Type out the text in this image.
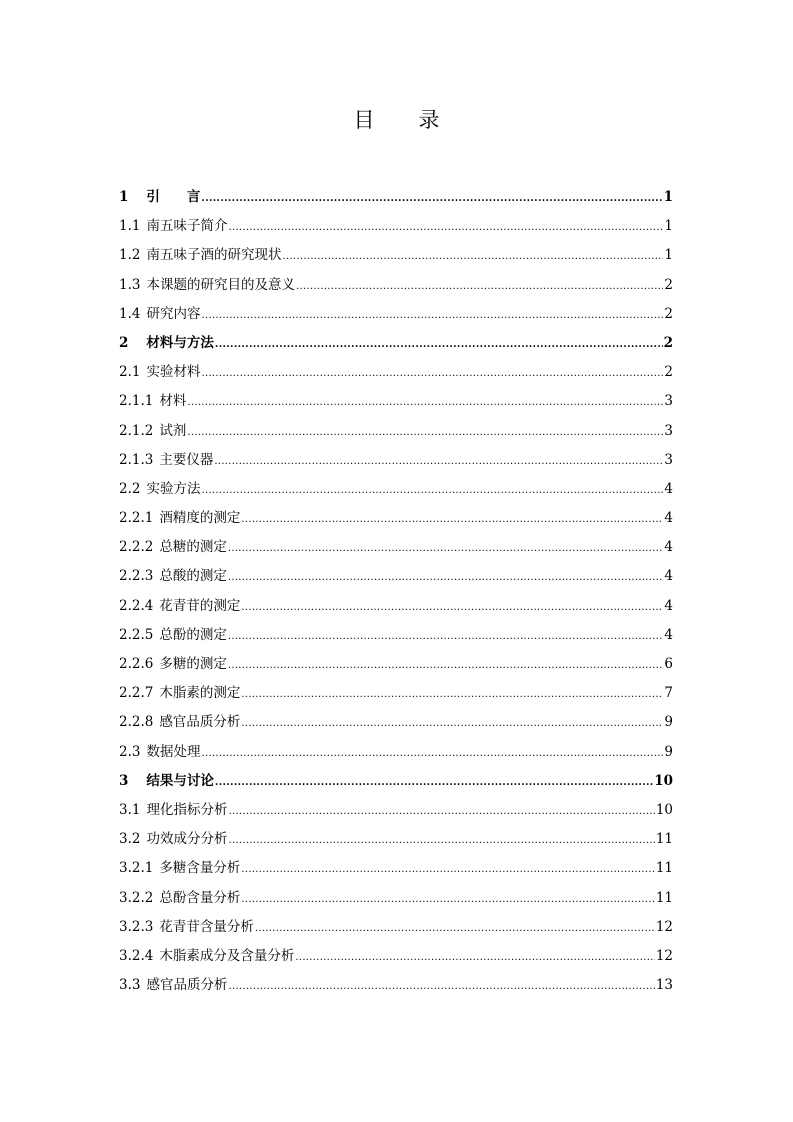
目 录
1 引　　言 .....	1
1.1 南五味子简介 .....	1
1.2 南五味子酒的研究现状 .....	1
1.3 本课题的研究目的及意义 .....	2
1.4 研究内容 .....	2
2 材料与方法 .....	2
2.1 实验材料 .....	2
2.1.1 材料 .....	3
2.1.2 试剂 .....	3
2.1.3 主要仪器 .....	3
2.2 实验方法 .....	4
2.2.1 酒精度的测定 .....	4
2.2.2 总糖的测定 .....	4
2.2.3 总酸的测定 .....	4
2.2.4 花青苷的测定 .....	4
2.2.5 总酚的测定 .....	4
2.2.6 多糖的测定 .....	6
2.2.7 木脂素的测定 .....	7
2.2.8 感官品质分析 .....	9
2.3 数据处理 .....	9
3 结果与讨论 .....	10
3.1 理化指标分析 .....	10
3.2 功效成分分析 .....	11
3.2.1 多糖含量分析 .....	11
3.2.2 总酚含量分析 .....	11
3.2.3 花青苷含量分析 .....	12
3.2.4 木脂素成分及含量分析 .....	12
3.3 感官品质分析 .....	13
